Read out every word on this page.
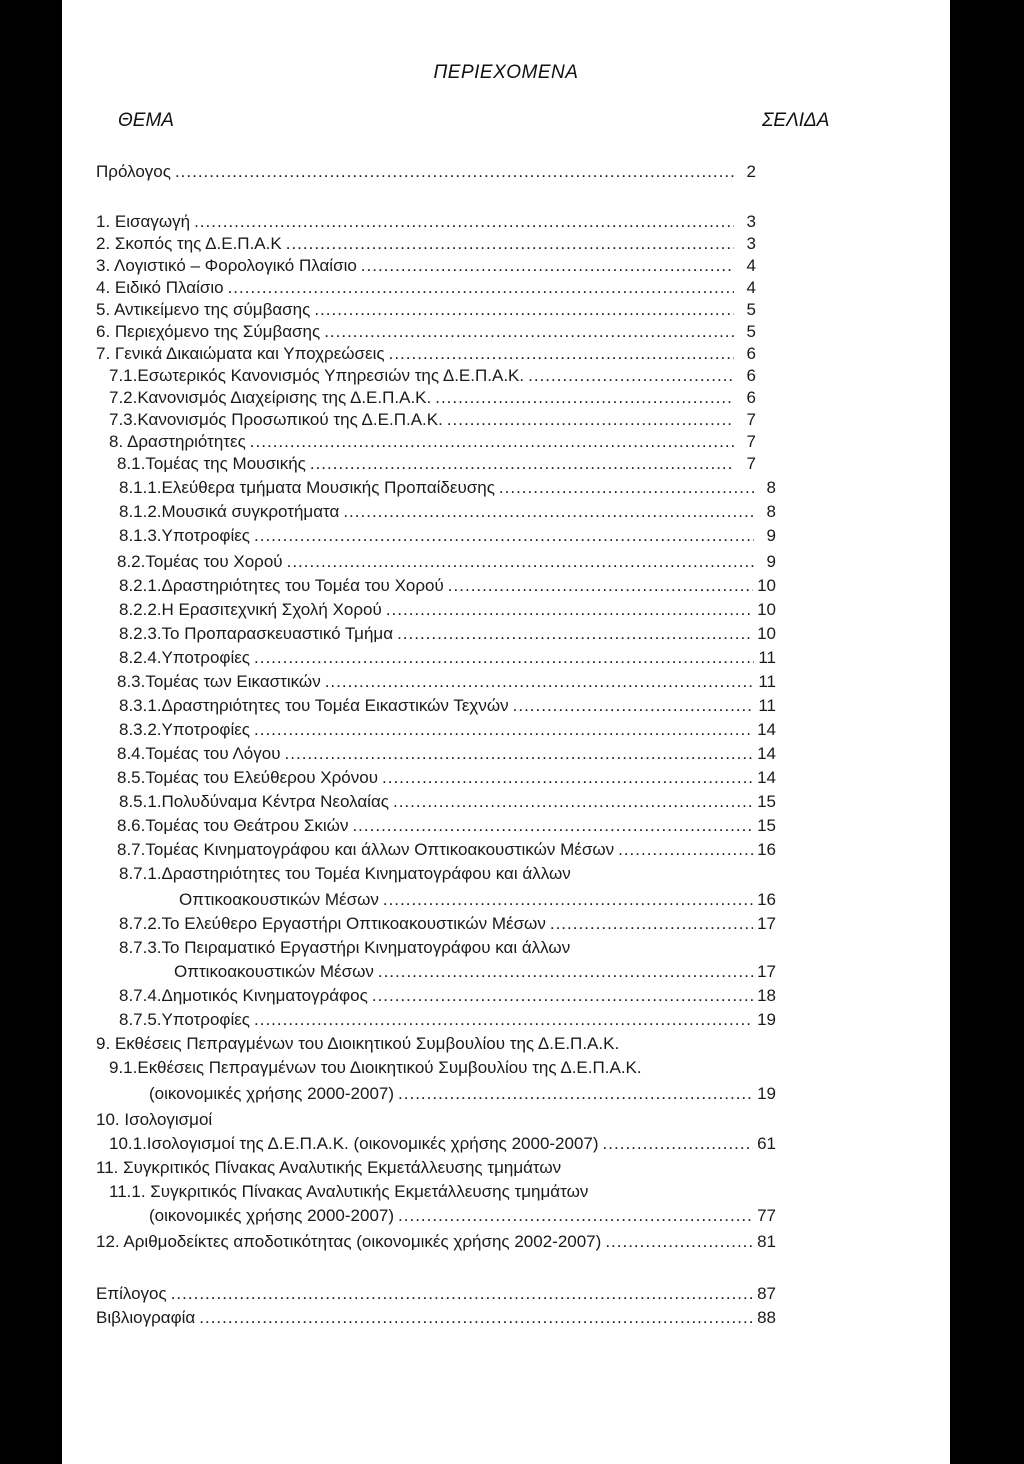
ΠΕΡΙΕΧΟΜΕΝΑ
ΘΕΜΑ	ΣΕΛΙΔΑ
Πρόλογος .....	2
1. Εισαγωγή .....	3
2. Σκοπός της Δ.Ε.Π.Α.Κ .....	3
3. Λογιστικό – Φορολογικό Πλαίσιο .....	4
4. Ειδικό Πλαίσιο .....	4
5. Αντικείμενο της σύμβασης .....	5
6. Περιεχόμενο της Σύμβασης .....	5
7. Γενικά Δικαιώματα και Υποχρεώσεις .....	6
7.1.Εσωτερικός Κανονισμός Υπηρεσιών της Δ.Ε.Π.Α.Κ. .....	6
7.2.Κανονισμός Διαχείρισης της Δ.Ε.Π.Α.Κ. .....	6
7.3.Κανονισμός Προσωπικού της Δ.Ε.Π.Α.Κ. .....	7
8. Δραστηριότητες .....	7
8.1.Τομέας της Μουσικής .....	7
8.1.1.Ελεύθερα τμήματα Μουσικής Προπαίδευσης .....	8
8.1.2.Μουσικά συγκροτήματα .....	8
8.1.3.Υποτροφίες .....	9
8.2.Τομέας του Χορού .....	9
8.2.1.Δραστηριότητες του Τομέα του Χορού .....	10
8.2.2.Η Ερασιτεχνική Σχολή Χορού .....	10
8.2.3.Το Προπαρασκευαστικό Τμήμα .....	10
8.2.4.Υποτροφίες .....	11
8.3.Τομέας των Εικαστικών .....	11
8.3.1.Δραστηριότητες του Τομέα Εικαστικών Τεχνών .....	11
8.3.2.Υποτροφίες .....	14
8.4.Τομέας του Λόγου .....	14
8.5.Τομέας του Ελεύθερου Χρόνου .....	14
8.5.1.Πολυδύναμα Κέντρα Νεολαίας .....	15
8.6.Τομέας του Θεάτρου Σκιών .....	15
8.7.Τομέας Κινηματογράφου και άλλων Οπτικοακουστικών Μέσων .....	16
8.7.1.Δραστηριότητες του Τομέα Κινηματογράφου και άλλων
Οπτικοακουστικών Μέσων .....	16
8.7.2.Το Ελεύθερο Εργαστήρι Οπτικοακουστικών Μέσων .....	17
8.7.3.Το Πειραματικό Εργαστήρι Κινηματογράφου και άλλων
Οπτικοακουστικών Μέσων .....	17
8.7.4.Δημοτικός Κινηματογράφος .....	18
8.7.5.Υποτροφίες .....	19
9. Εκθέσεις Πεπραγμένων του Διοικητικού Συμβουλίου της Δ.Ε.Π.Α.Κ.
9.1.Εκθέσεις Πεπραγμένων του Διοικητικού Συμβουλίου της Δ.Ε.Π.Α.Κ.
(οικονομικές χρήσης 2000-2007) .....	19
10. Ισολογισμοί
10.1.Ισολογισμοί της Δ.Ε.Π.Α.Κ. (οικονομικές χρήσης 2000-2007) .....	61
11. Συγκριτικός Πίνακας Αναλυτικής Εκμετάλλευσης τμημάτων
11.1. Συγκριτικός Πίνακας Αναλυτικής Εκμετάλλευσης τμημάτων
(οικονομικές χρήσης 2000-2007) .....	77
12. Αριθμοδείκτες αποδοτικότητας (οικονομικές χρήσης 2002-2007) .....	81
Επίλογος .....	87
Βιβλιογραφία .....	88
